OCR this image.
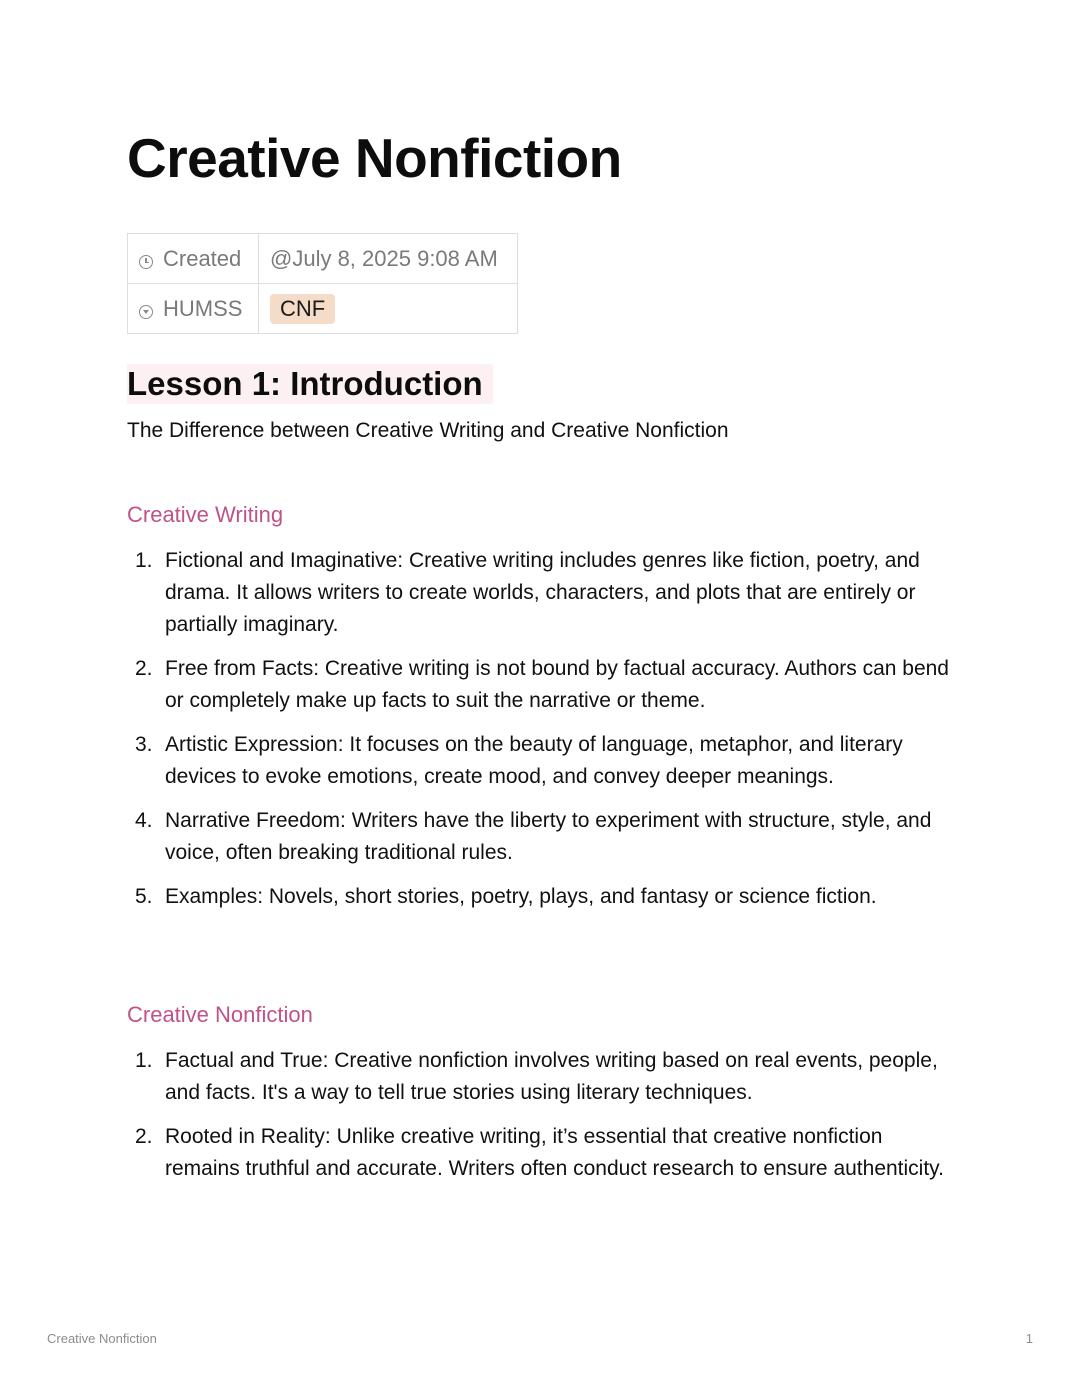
Creative Nonfiction
Created	@July 8, 2025 9:08 AM
HUMSS	CNF
Lesson 1: Introduction

The Difference between Creative Writing and Creative Nonfiction

Creative Writing
1. Fictional and Imaginative: Creative writing includes genres like fiction, poetry, and drama. It allows writers to create worlds, characters, and plots that are entirely or partially imaginary.
2. Free from Facts: Creative writing is not bound by factual accuracy. Authors can bend or completely make up facts to suit the narrative or theme.
3. Artistic Expression: It focuses on the beauty of language, metaphor, and literary devices to evoke emotions, create mood, and convey deeper meanings.
4. Narrative Freedom: Writers have the liberty to experiment with structure, style, and voice, often breaking traditional rules.
5. Examples: Novels, short stories, poetry, plays, and fantasy or science fiction.
Creative Nonfiction
1. Factual and True: Creative nonfiction involves writing based on real events, people, and facts. It's a way to tell true stories using literary techniques.
2. Rooted in Reality: Unlike creative writing, it’s essential that creative nonfiction remains truthful and accurate. Writers often conduct research to ensure authenticity.
Creative Nonfiction	1
